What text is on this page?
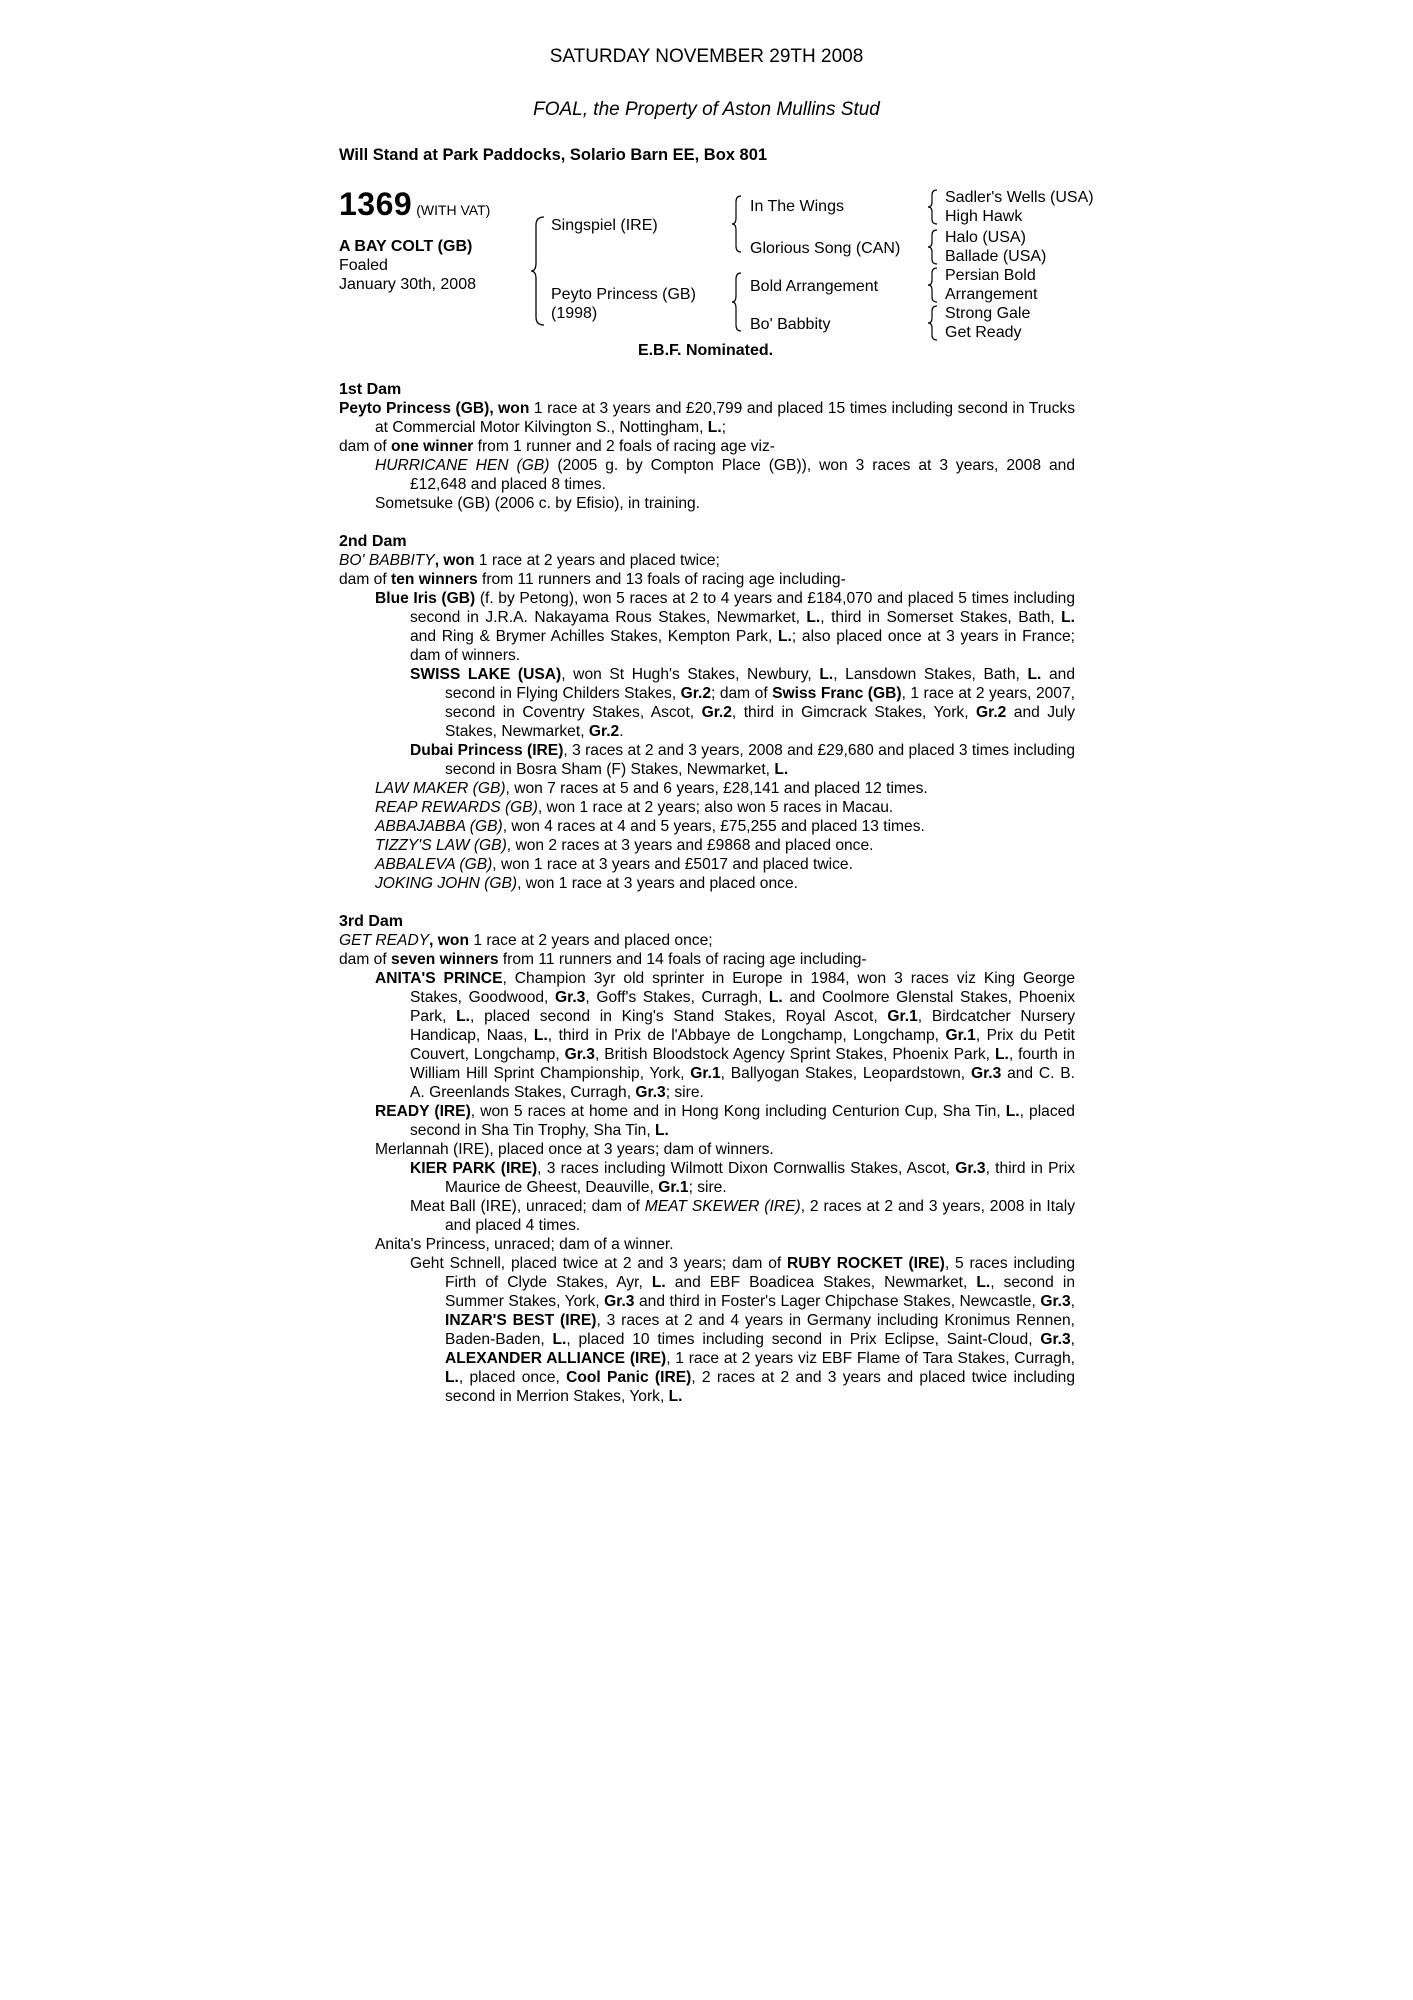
SATURDAY NOVEMBER 29TH 2008
FOAL, the Property of Aston Mullins Stud
Will Stand at Park Paddocks, Solario Barn EE, Box 801
1369 (WITH VAT)
A BAY COLT (GB)
Foaled
January 30th, 2008
Singspiel (IRE)
Peyto Princess (GB)
(1998)
In The Wings
Glorious Song (CAN)
Bold Arrangement
Bo' Babbity
Sadler's Wells (USA)
High Hawk
Halo (USA)
Ballade (USA)
Persian Bold
Arrangement
Strong Gale
Get Ready
E.B.F. Nominated.
1st Dam

Peyto Princess (GB), won 1 race at 3 years and £20,799 and placed 15 times including second in Trucks at Commercial Motor Kilvington S., Nottingham, L.;

dam of one winner from 1 runner and 2 foals of racing age viz-

HURRICANE HEN (GB) (2005 g. by Compton Place (GB)), won 3 races at 3 years, 2008 and £12,648 and placed 8 times.

Sometsuke (GB) (2006 c. by Efisio), in training.

2nd Dam

BO' BABBITY, won 1 race at 2 years and placed twice;

dam of ten winners from 11 runners and 13 foals of racing age including-

Blue Iris (GB) (f. by Petong), won 5 races at 2 to 4 years and £184,070 and placed 5 times including second in J.R.A. Nakayama Rous Stakes, Newmarket, L., third in Somerset Stakes, Bath, L. and Ring & Brymer Achilles Stakes, Kempton Park, L.; also placed once at 3 years in France; dam of winners.

SWISS LAKE (USA), won St Hugh's Stakes, Newbury, L., Lansdown Stakes, Bath, L. and second in Flying Childers Stakes, Gr.2; dam of Swiss Franc (GB), 1 race at 2 years, 2007, second in Coventry Stakes, Ascot, Gr.2, third in Gimcrack Stakes, York, Gr.2 and July Stakes, Newmarket, Gr.2.

Dubai Princess (IRE), 3 races at 2 and 3 years, 2008 and £29,680 and placed 3 times including second in Bosra Sham (F) Stakes, Newmarket, L.

LAW MAKER (GB), won 7 races at 5 and 6 years, £28,141 and placed 12 times.

REAP REWARDS (GB), won 1 race at 2 years; also won 5 races in Macau.

ABBAJABBA (GB), won 4 races at 4 and 5 years, £75,255 and placed 13 times.

TIZZY'S LAW (GB), won 2 races at 3 years and £9868 and placed once.

ABBALEVA (GB), won 1 race at 3 years and £5017 and placed twice.

JOKING JOHN (GB), won 1 race at 3 years and placed once.

3rd Dam

GET READY, won 1 race at 2 years and placed once;

dam of seven winners from 11 runners and 14 foals of racing age including-

ANITA'S PRINCE, Champion 3yr old sprinter in Europe in 1984, won 3 races viz King George Stakes, Goodwood, Gr.3, Goff's Stakes, Curragh, L. and Coolmore Glenstal Stakes, Phoenix Park, L., placed second in King's Stand Stakes, Royal Ascot, Gr.1, Birdcatcher Nursery Handicap, Naas, L., third in Prix de l'Abbaye de Longchamp, Longchamp, Gr.1, Prix du Petit Couvert, Longchamp, Gr.3, British Bloodstock Agency Sprint Stakes, Phoenix Park, L., fourth in William Hill Sprint Championship, York, Gr.1, Ballyogan Stakes, Leopardstown, Gr.3 and C. B. A. Greenlands Stakes, Curragh, Gr.3; sire.

READY (IRE), won 5 races at home and in Hong Kong including Centurion Cup, Sha Tin, L., placed second in Sha Tin Trophy, Sha Tin, L.

Merlannah (IRE), placed once at 3 years; dam of winners.

KIER PARK (IRE), 3 races including Wilmott Dixon Cornwallis Stakes, Ascot, Gr.3, third in Prix Maurice de Gheest, Deauville, Gr.1; sire.

Meat Ball (IRE), unraced; dam of MEAT SKEWER (IRE), 2 races at 2 and 3 years, 2008 in Italy and placed 4 times.

Anita's Princess, unraced; dam of a winner.

Geht Schnell, placed twice at 2 and 3 years; dam of RUBY ROCKET (IRE), 5 races including Firth of Clyde Stakes, Ayr, L. and EBF Boadicea Stakes, Newmarket, L., second in Summer Stakes, York, Gr.3 and third in Foster's Lager Chipchase Stakes, Newcastle, Gr.3, INZAR'S BEST (IRE), 3 races at 2 and 4 years in Germany including Kronimus Rennen, Baden-Baden, L., placed 10 times including second in Prix Eclipse, Saint-Cloud, Gr.3, ALEXANDER ALLIANCE (IRE), 1 race at 2 years viz EBF Flame of Tara Stakes, Curragh, L., placed once, Cool Panic (IRE), 2 races at 2 and 3 years and placed twice including second in Merrion Stakes, York, L.
